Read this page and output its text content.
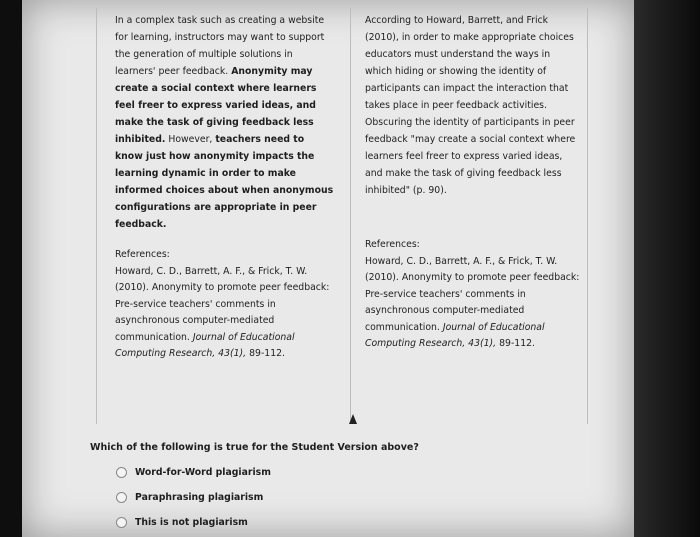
In a complex task such as creating a website for learning, instructors may want to support the generation of multiple solutions in learners' peer feedback. Anonymity may create a social context where learners feel freer to express varied ideas, and make the task of giving feedback less inhibited. However, teachers need to know just how anonymity impacts the learning dynamic in order to make informed choices about when anonymous configurations are appropriate in peer feedback.
References:
Howard, C. D., Barrett, A. F., & Frick, T. W. (2010). Anonymity to promote peer feedback: Pre-service teachers' comments in asynchronous computer-mediated communication. Journal of Educational Computing Research, 43(1), 89-112.
According to Howard, Barrett, and Frick (2010), in order to make appropriate choices educators must understand the ways in which hiding or showing the identity of participants can impact the interaction that takes place in peer feedback activities. Obscuring the identity of participants in peer feedback "may create a social context where learners feel freer to express varied ideas, and make the task of giving feedback less inhibited" (p. 90).
References:
Howard, C. D., Barrett, A. F., & Frick, T. W. (2010). Anonymity to promote peer feedback: Pre-service teachers' comments in asynchronous computer-mediated communication. Journal of Educational Computing Research, 43(1), 89-112.
Which of the following is true for the Student Version above?
Word-for-Word plagiarism
Paraphrasing plagiarism
This is not plagiarism
